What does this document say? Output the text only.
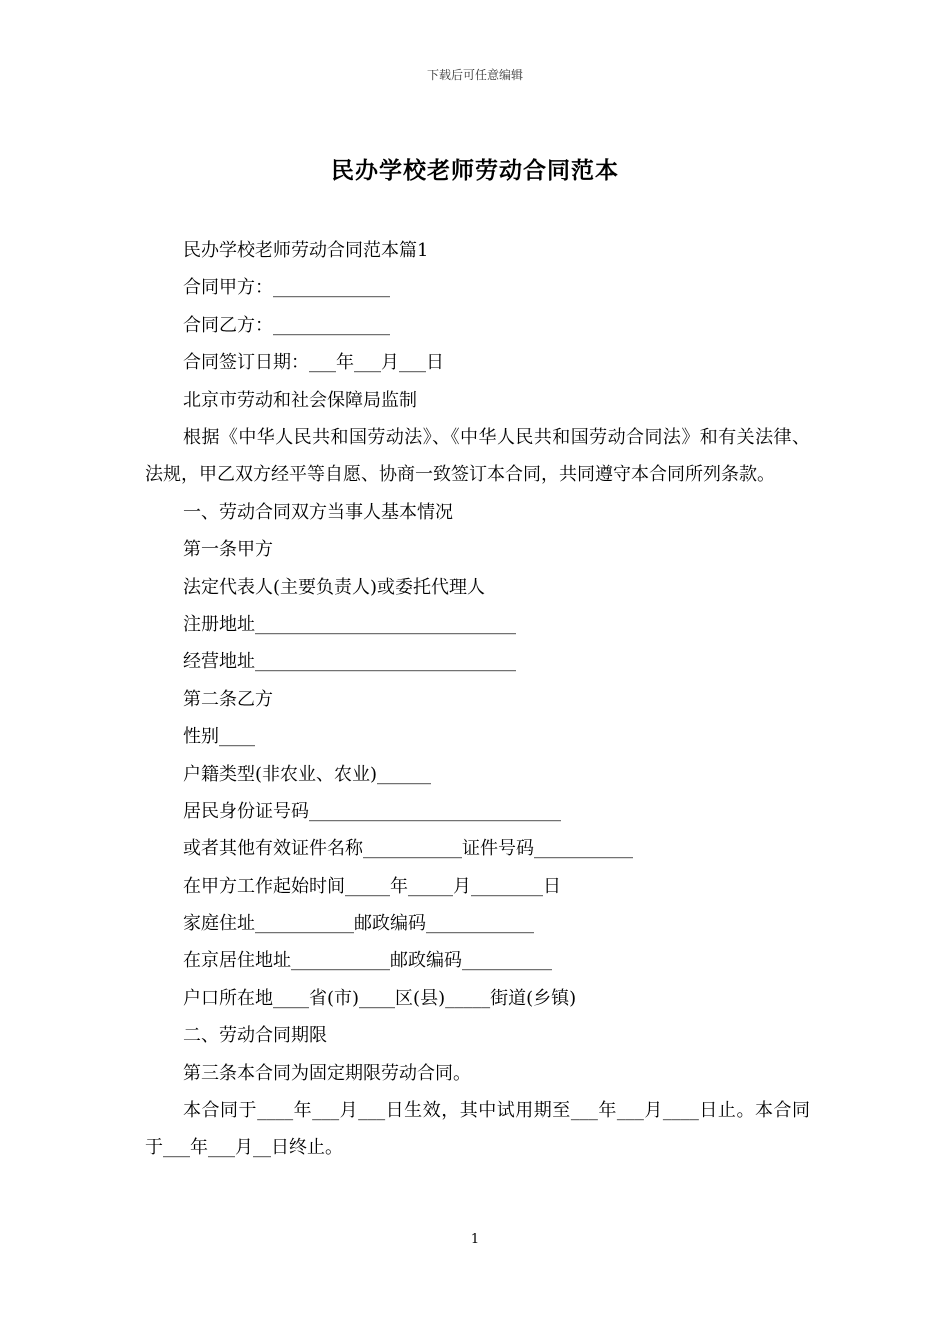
下载后可任意编辑
民办学校老师劳动合同范本
民办学校老师劳动合同范本篇1
合同甲方：_____________
合同乙方：_____________
合同签订日期：___年___月___日
北京市劳动和社会保障局监制

根据《中华人民共和国劳动法》、《中华人民共和国劳动合同法》和有关法律、法规，甲乙双方经平等自愿、协商一致签订本合同，共同遵守本合同所列条款。

一、劳动合同双方当事人基本情况
第一条甲方
法定代表人(主要负责人)或委托代理人
注册地址_____________________________
经营地址_____________________________
第二条乙方
性别____
户籍类型(非农业、农业)______
居民身份证号码____________________________
或者其他有效证件名称___________证件号码___________
在甲方工作起始时间_____年_____月________日
家庭住址___________邮政编码____________
在京居住地址___________邮政编码__________
户口所在地____省(市)____区(县)_____街道(乡镇)
二、劳动合同期限
第三条本合同为固定期限劳动合同。

本合同于____年___月___日生效，其中试用期至___年___月____日止。本合同于___年___月__日终止。

1
